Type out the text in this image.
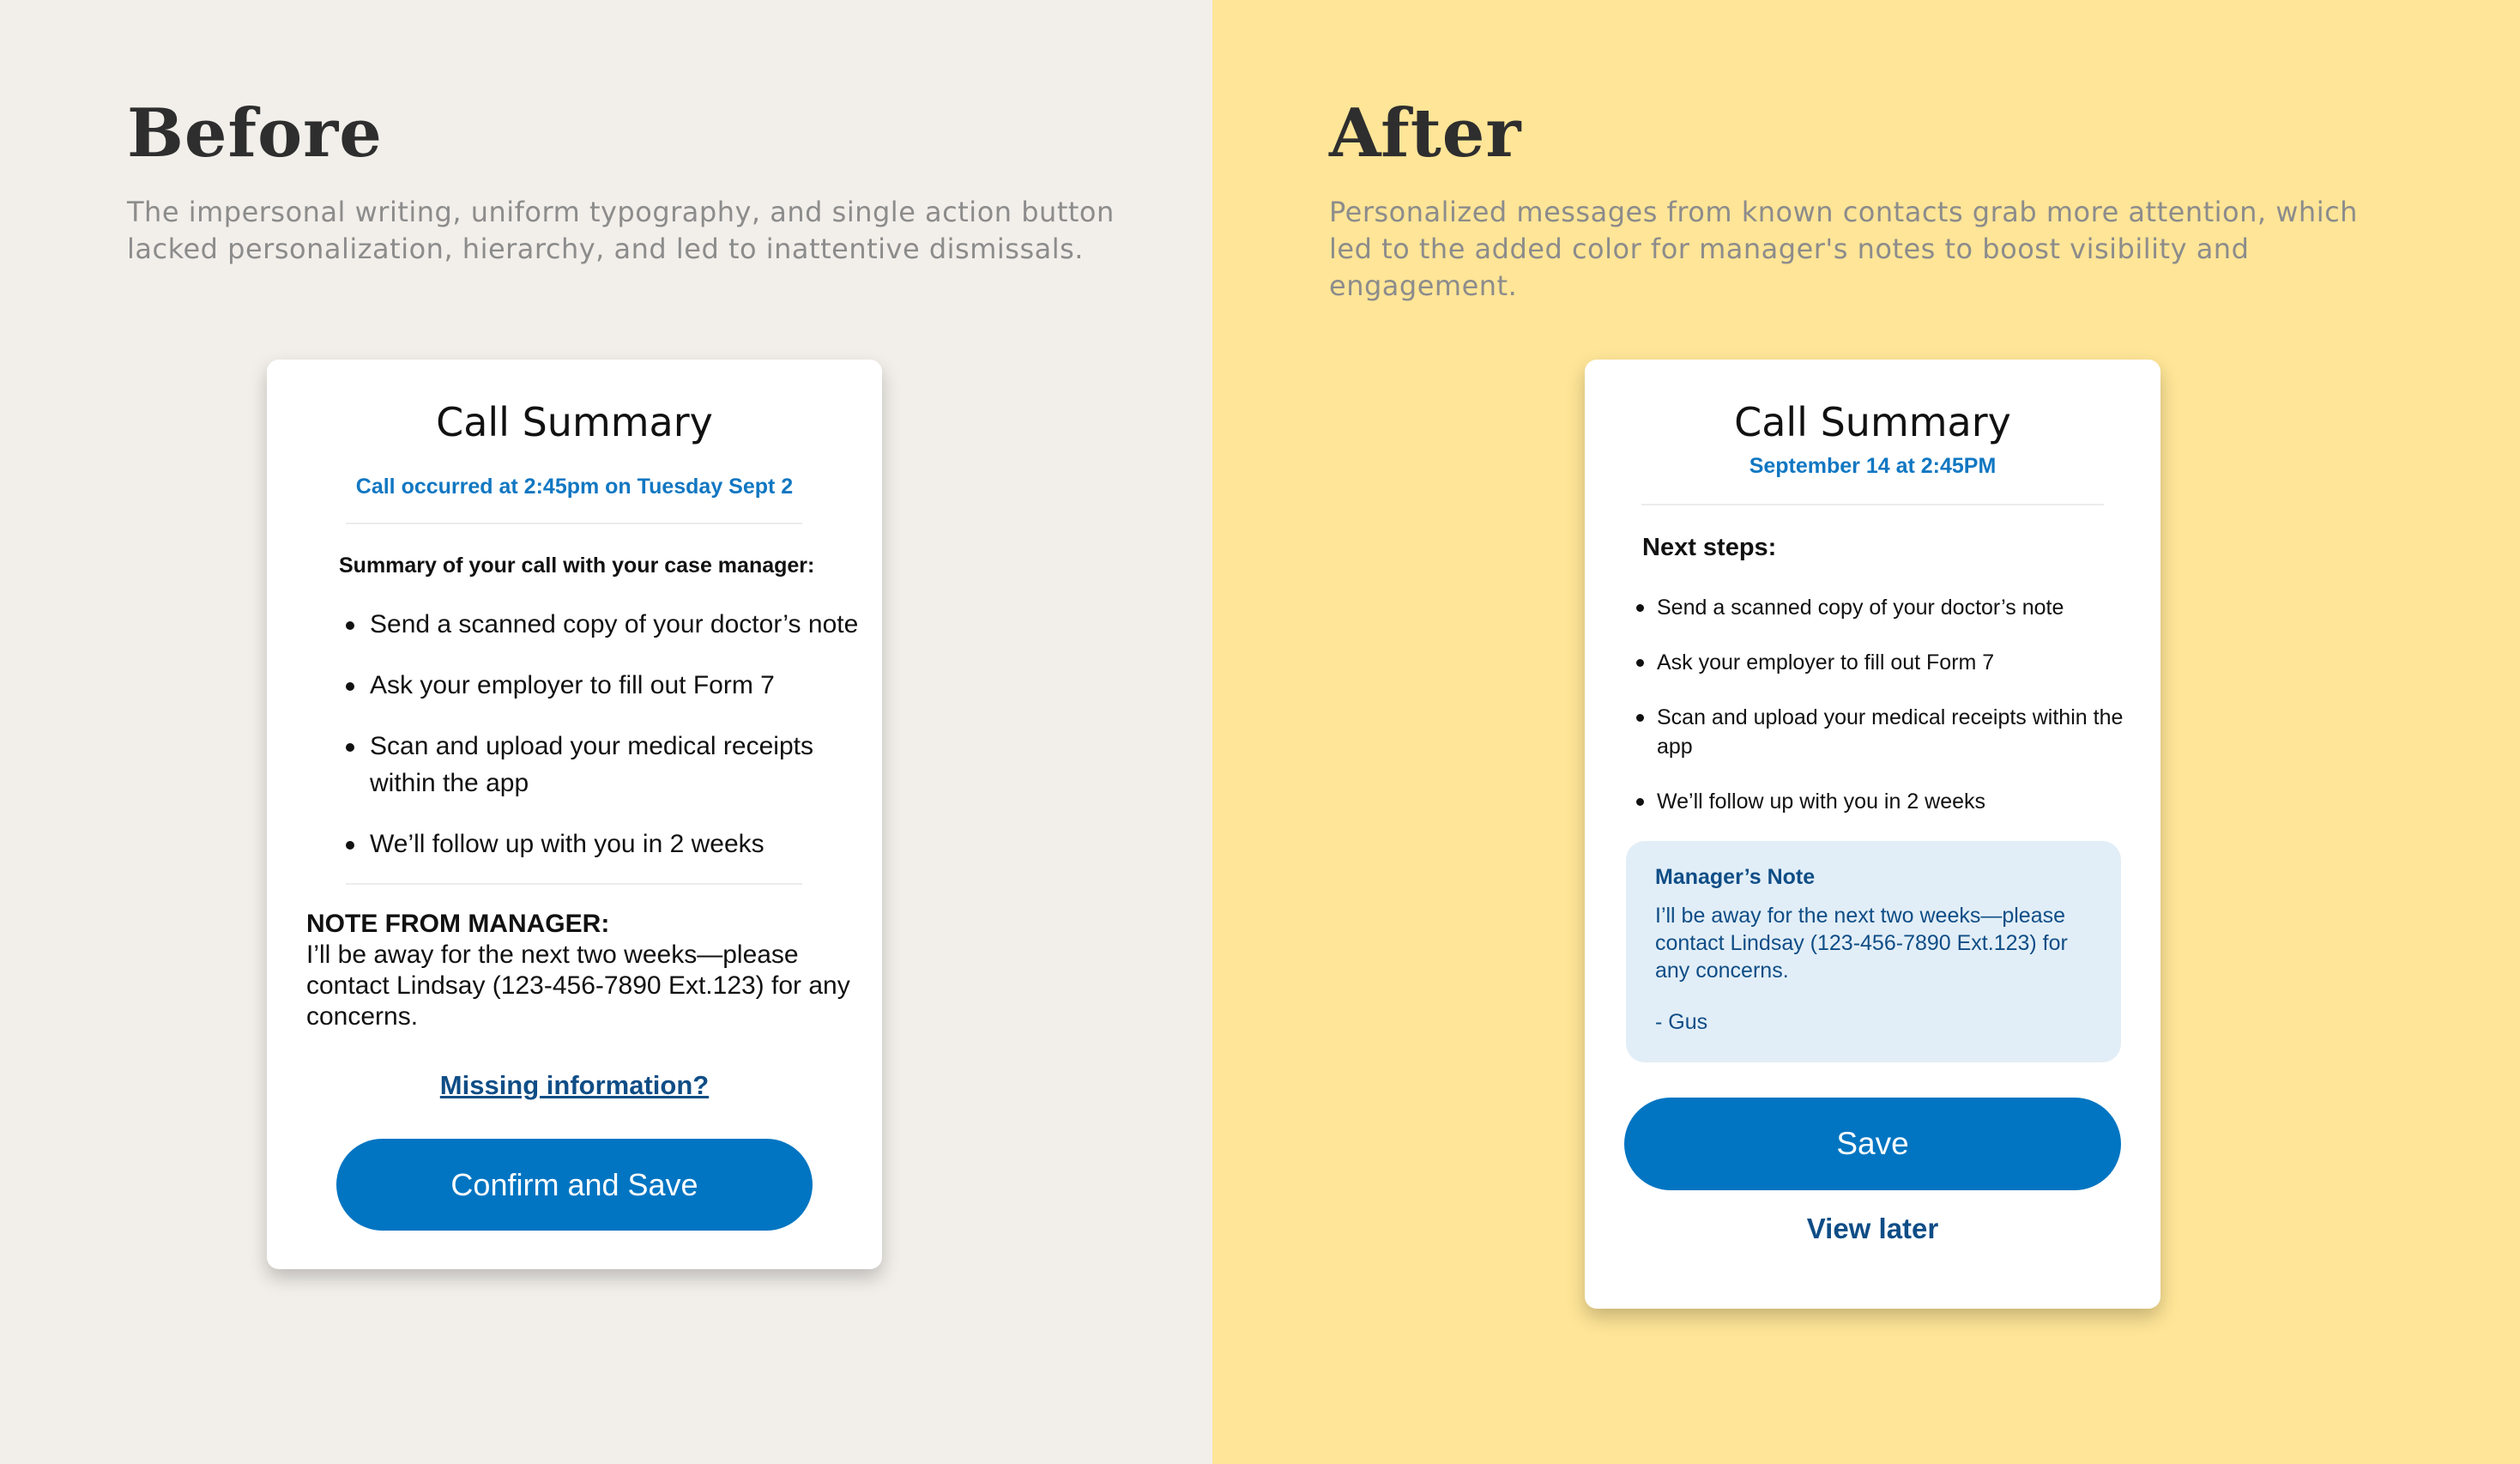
Before

The impersonal writing, uniform typography, and single action button lacked personalization, hierarchy, and led to inattentive dismissals.

Call Summary
Call occurred at 2:45pm on Tuesday Sept 2
Summary of your call with your case manager:
Send a scanned copy of your doctor’s note
Ask your employer to fill out Form 7
Scan and upload your medical receipts within the app
We’ll follow up with you in 2 weeks
NOTE FROM MANAGER:
I’ll be away for the next two weeks—please contact Lindsay (123-456-7890 Ext.123) for any concerns.
Missing information?
Confirm and Save
After

Personalized messages from known contacts grab more attention, which led to the added color for manager's notes to boost visibility and engagement.

Call Summary
September 14 at 2:45PM
Next steps:
Send a scanned copy of your doctor’s note
Ask your employer to fill out Form 7
Scan and upload your medical receipts within the app
We’ll follow up with you in 2 weeks
Manager’s Note
I’ll be away for the next two weeks—please contact Lindsay (123-456-7890 Ext.123) for any concerns.
- Gus
Save
View later
